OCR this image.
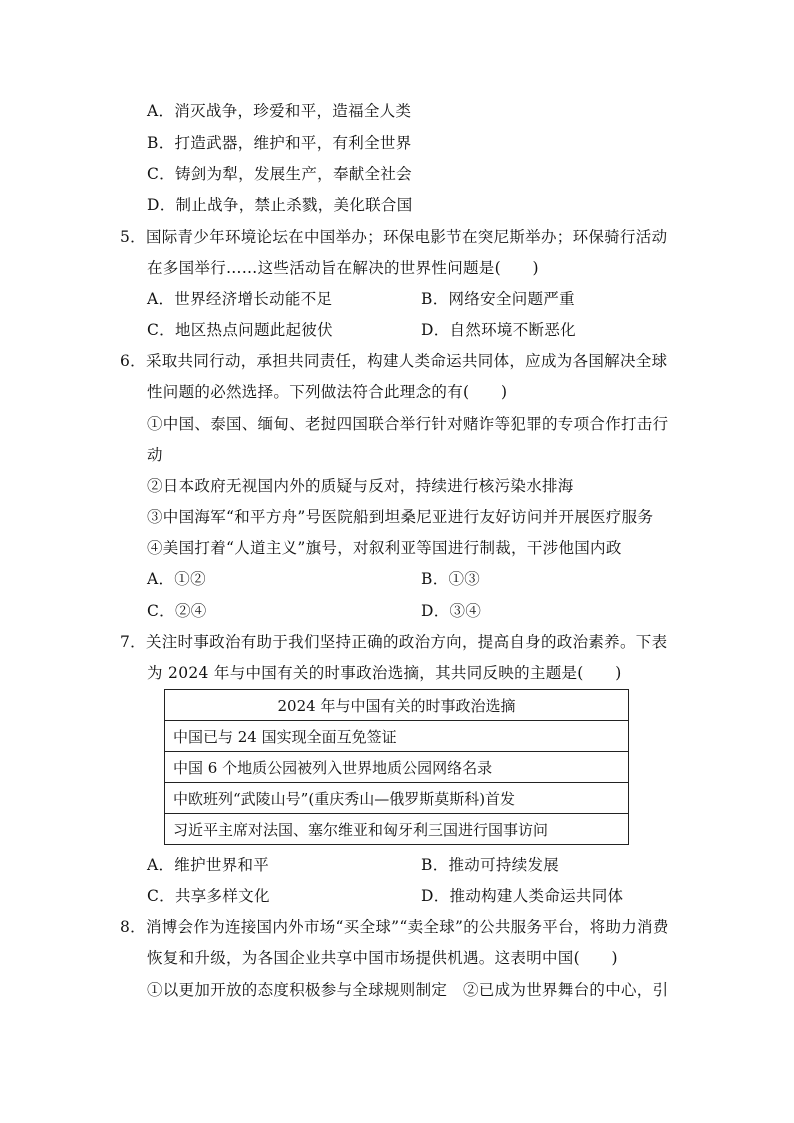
A．消灭战争，珍爱和平，造福全人类
B．打造武器，维护和平，有利全世界
C．铸剑为犁，发展生产，奉献全社会
D．制止战争，禁止杀戮，美化联合国
5．国际青少年环境论坛在中国举办；环保电影节在突尼斯举办；环保骑行活动
在多国举行……这些活动旨在解决的世界性问题是(　　)
A．世界经济增长动能不足	B．网络安全问题严重
C．地区热点问题此起彼伏	D．自然环境不断恶化
6．采取共同行动，承担共同责任，构建人类命运共同体，应成为各国解决全球
性问题的必然选择。下列做法符合此理念的有(　　)
①中国、泰国、缅甸、老挝四国联合举行针对赌诈等犯罪的专项合作打击行
动
②日本政府无视国内外的质疑与反对，持续进行核污染水排海
③中国海军“和平方舟”号医院船到坦桑尼亚进行友好访问并开展医疗服务
④美国打着“人道主义”旗号，对叙利亚等国进行制裁，干涉他国内政
A．①②	B．①③
C．②④	D．③④
7．关注时事政治有助于我们坚持正确的政治方向，提高自身的政治素养。下表
为 2024 年与中国有关的时事政治选摘，其共同反映的主题是(　　)
2024 年与中国有关的时事政治选摘
中国已与 24 国实现全面互免签证
中国 6 个地质公园被列入世界地质公园网络名录
中欧班列“武陵山号”(重庆秀山—俄罗斯莫斯科)首发
习近平主席对法国、塞尔维亚和匈牙利三国进行国事访问
A．维护世界和平	B．推动可持续发展
C．共享多样文化	D．推动构建人类命运共同体
8．消博会作为连接国内外市场“买全球”“卖全球”的公共服务平台，将助力消费
恢复和升级，为各国企业共享中国市场提供机遇。这表明中国(　　)
①以更加开放的态度积极参与全球规则制定　②已成为世界舞台的中心，引
